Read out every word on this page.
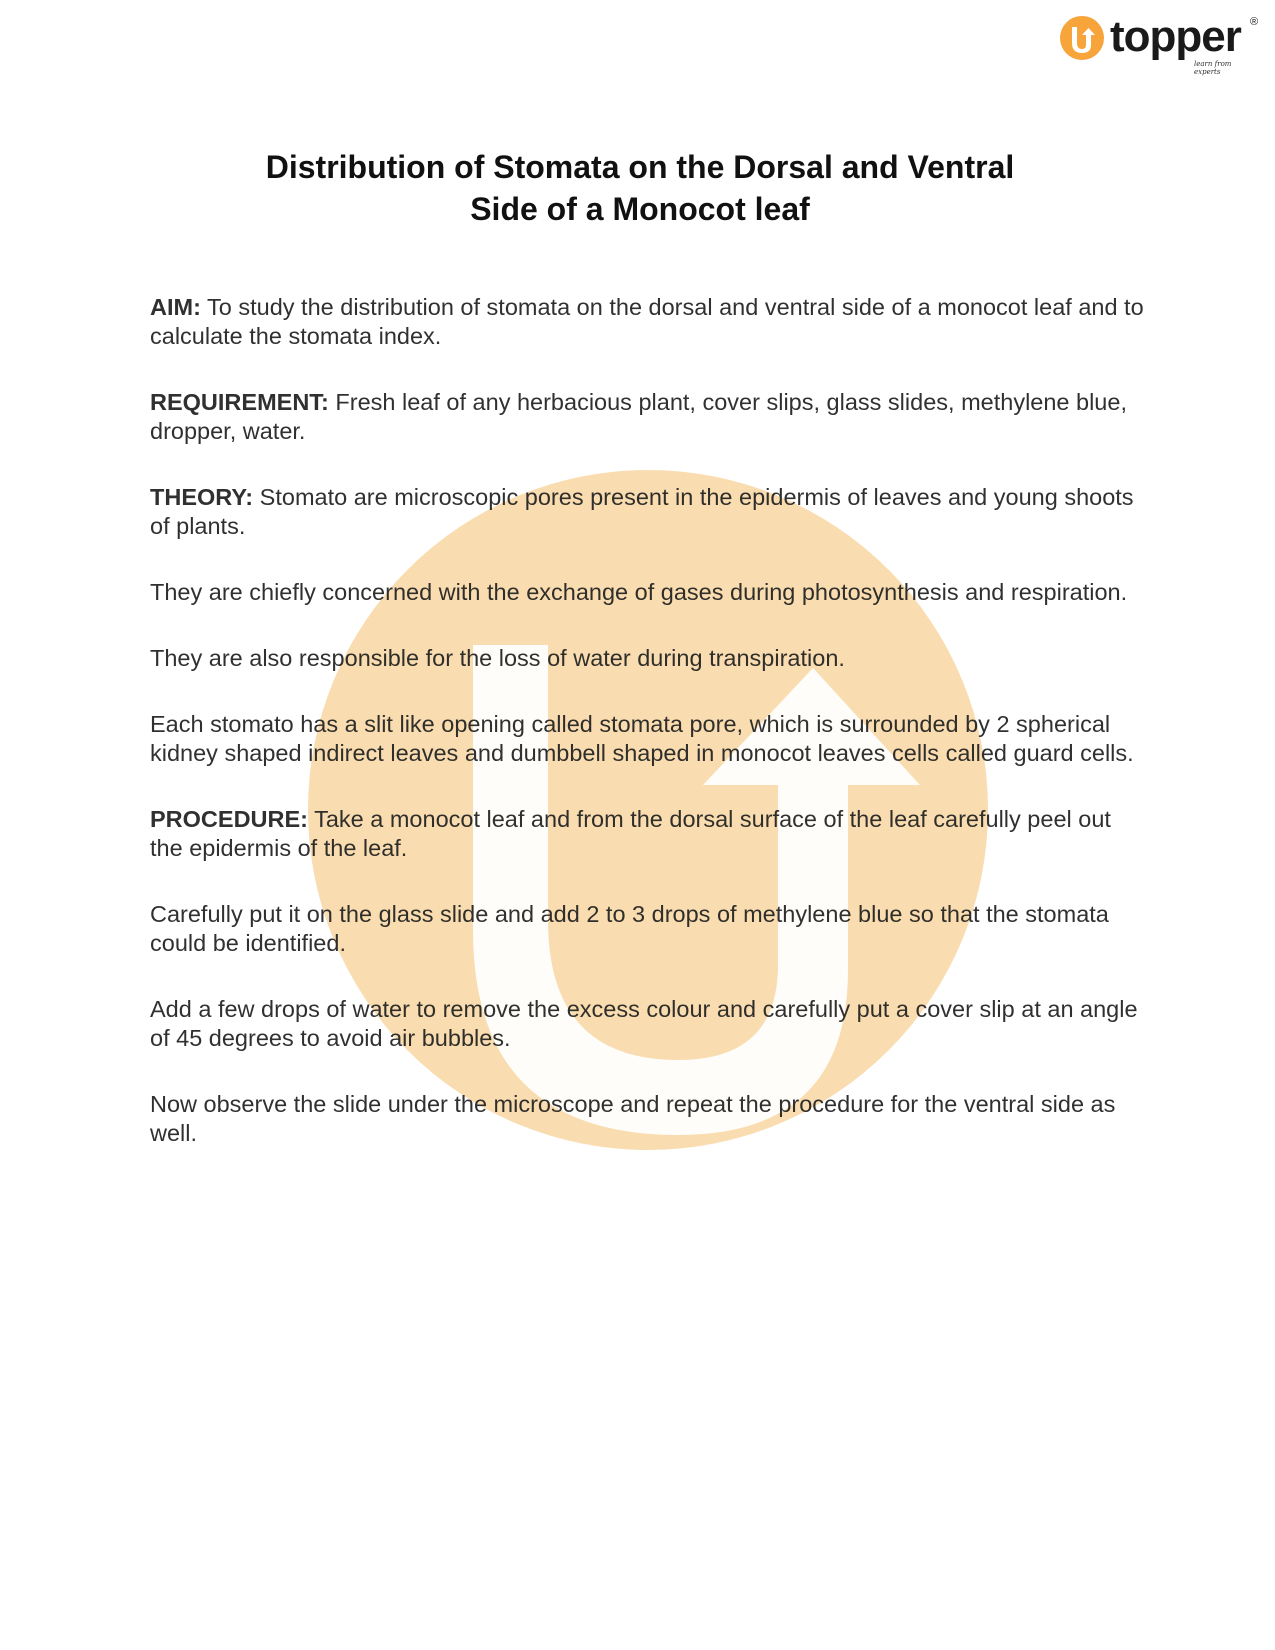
topper ®
learn from experts
Distribution of Stomata on the Dorsal and Ventral
Side of a Monocot leaf

AIM: To study the distribution of stomata on the dorsal and ventral side of a monocot leaf and to calculate the stomata index.

REQUIREMENT: Fresh leaf of any herbacious plant, cover slips, glass slides, methylene blue, dropper, water.

THEORY: Stomato are microscopic pores present in the epidermis of leaves and young shoots of plants.

They are chiefly concerned with the exchange of gases during photosynthesis and respiration.

They are also responsible for the loss of water during transpiration.

Each stomato has a slit like opening called stomata pore, which is surrounded by 2 spherical kidney shaped indirect leaves and dumbbell shaped in monocot leaves cells called guard cells.

PROCEDURE: Take a monocot leaf and from the dorsal surface of the leaf carefully peel out the epidermis of the leaf.

Carefully put it on the glass slide and add 2 to 3 drops of methylene blue so that the stomata could be identified.

Add a few drops of water to remove the excess colour and carefully put a cover slip at an angle of 45 degrees to avoid air bubbles.

Now observe the slide under the microscope and repeat the procedure for the ventral side as well.
